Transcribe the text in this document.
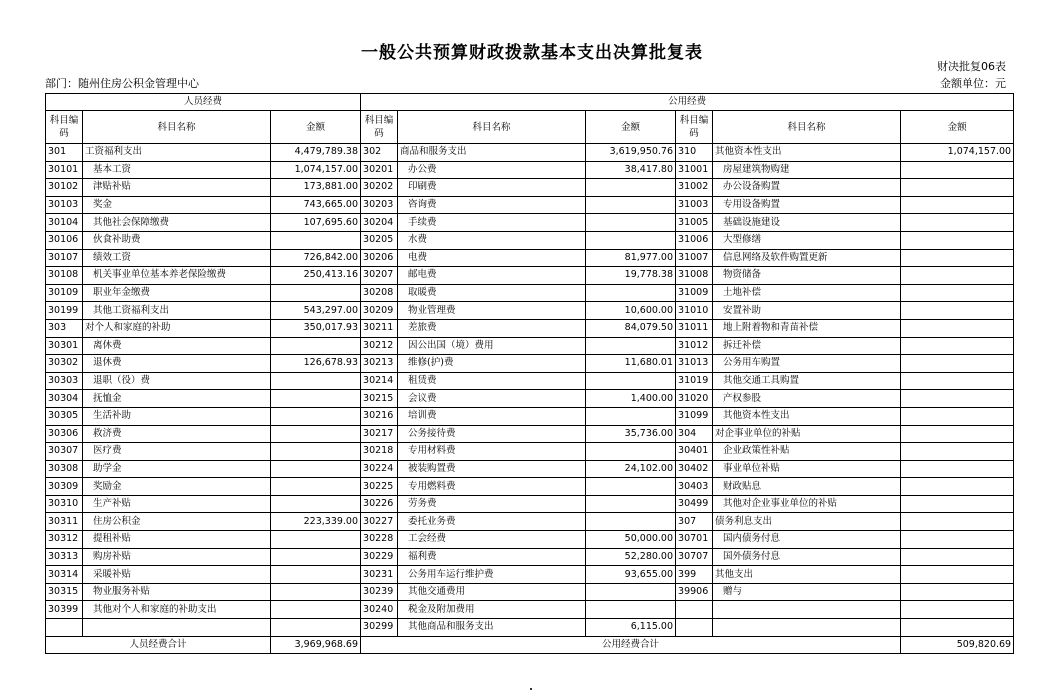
一般公共预算财政拨款基本支出决算批复表
财决批复06表
部门：随州住房公积金管理中心	金额单位：元
人员经费			公用经费					
科目编码	科目名称	金额	科目编码	科目名称	金额	科目编码	科目名称	金额
301	工资福利支出	4,479,789.38	302	商品和服务支出	3,619,950.76	310	其他资本性支出	1,074,157.00
30101	基本工资	1,074,157.00	30201	办公费	38,417.80	31001	房屋建筑物购建	
30102	津贴补贴	173,881.00	30202	印刷费		31002	办公设备购置	
30103	奖金	743,665.00	30203	咨询费		31003	专用设备购置	
30104	其他社会保障缴费	107,695.60	30204	手续费		31005	基础设施建设	
30106	伙食补助费		30205	水费		31006	大型修缮	
30107	绩效工资	726,842.00	30206	电费	81,977.00	31007	信息网络及软件购置更新	
30108	机关事业单位基本养老保险缴费	250,413.16	30207	邮电费	19,778.38	31008	物资储备	
30109	职业年金缴费		30208	取暖费		31009	土地补偿	
30199	其他工资福利支出	543,297.00	30209	物业管理费	10,600.00	31010	安置补助	
303	对个人和家庭的补助	350,017.93	30211	差旅费	84,079.50	31011	地上附着物和青苗补偿	
30301	离休费		30212	因公出国（境）费用		31012	拆迁补偿	
30302	退休费	126,678.93	30213	维修(护)费	11,680.01	31013	公务用车购置	
30303	退职（役）费		30214	租赁费		31019	其他交通工具购置	
30304	抚恤金		30215	会议费	1,400.00	31020	产权参股	
30305	生活补助		30216	培训费		31099	其他资本性支出	
30306	救济费		30217	公务接待费	35,736.00	304	对企事业单位的补贴	
30307	医疗费		30218	专用材料费		30401	企业政策性补贴	
30308	助学金		30224	被装购置费	24,102.00	30402	事业单位补贴	
30309	奖励金		30225	专用燃料费		30403	财政贴息	
30310	生产补贴		30226	劳务费		30499	其他对企业事业单位的补贴	
30311	住房公积金	223,339.00	30227	委托业务费		307	债务利息支出	
30312	提租补贴		30228	工会经费	50,000.00	30701	国内债务付息	
30313	购房补贴		30229	福利费	52,280.00	30707	国外债务付息	
30314	采暖补贴		30231	公务用车运行维护费	93,655.00	399	其他支出	
30315	物业服务补贴		30239	其他交通费用		39906	赠与	
30399	其他对个人和家庭的补助支出		30240	税金及附加费用				
			30299	其他商品和服务支出	6,115.00			
人员经费合计		3,969,968.69	公用经费合计					509,820.69
